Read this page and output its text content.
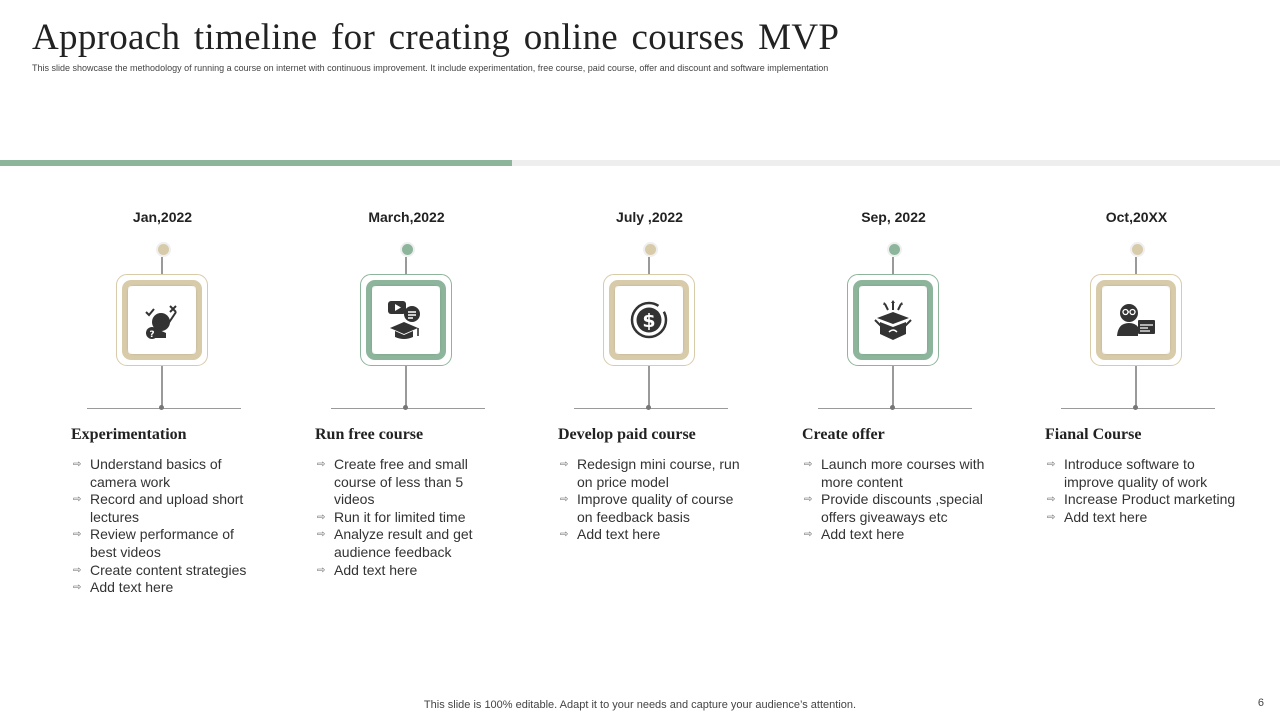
Approach timeline for creating online courses MVP

This slide showcase the methodology of running a course on internet with continuous improvement. It include experimentation, free course, paid course, offer and discount and software implementation

Jan,2022
?
Experimentation
⇨ Understand basics of camera work
⇨ Record and upload short lectures
⇨ Review performance of best videos
⇨ Create content strategies
⇨ Add text here
March,2022
Run free course
⇨ Create free and small course of less than 5 videos
⇨ Run it for limited time
⇨ Analyze result and get audience feedback
⇨ Add text here
July ,2022
$
Develop paid course
⇨ Redesign mini course, run on price model
⇨ Improve quality of course on feedback basis
⇨ Add text here
Sep, 2022
Create offer
⇨ Launch more courses with more content
⇨ Provide discounts ,special offers giveaways etc
⇨ Add text here
Oct,20XX
Fianal Course
⇨ Introduce software to improve quality of work
⇨ Increase Product marketing
⇨ Add text here
This slide is 100% editable. Adapt it to your needs and capture your audience’s attention.	6
